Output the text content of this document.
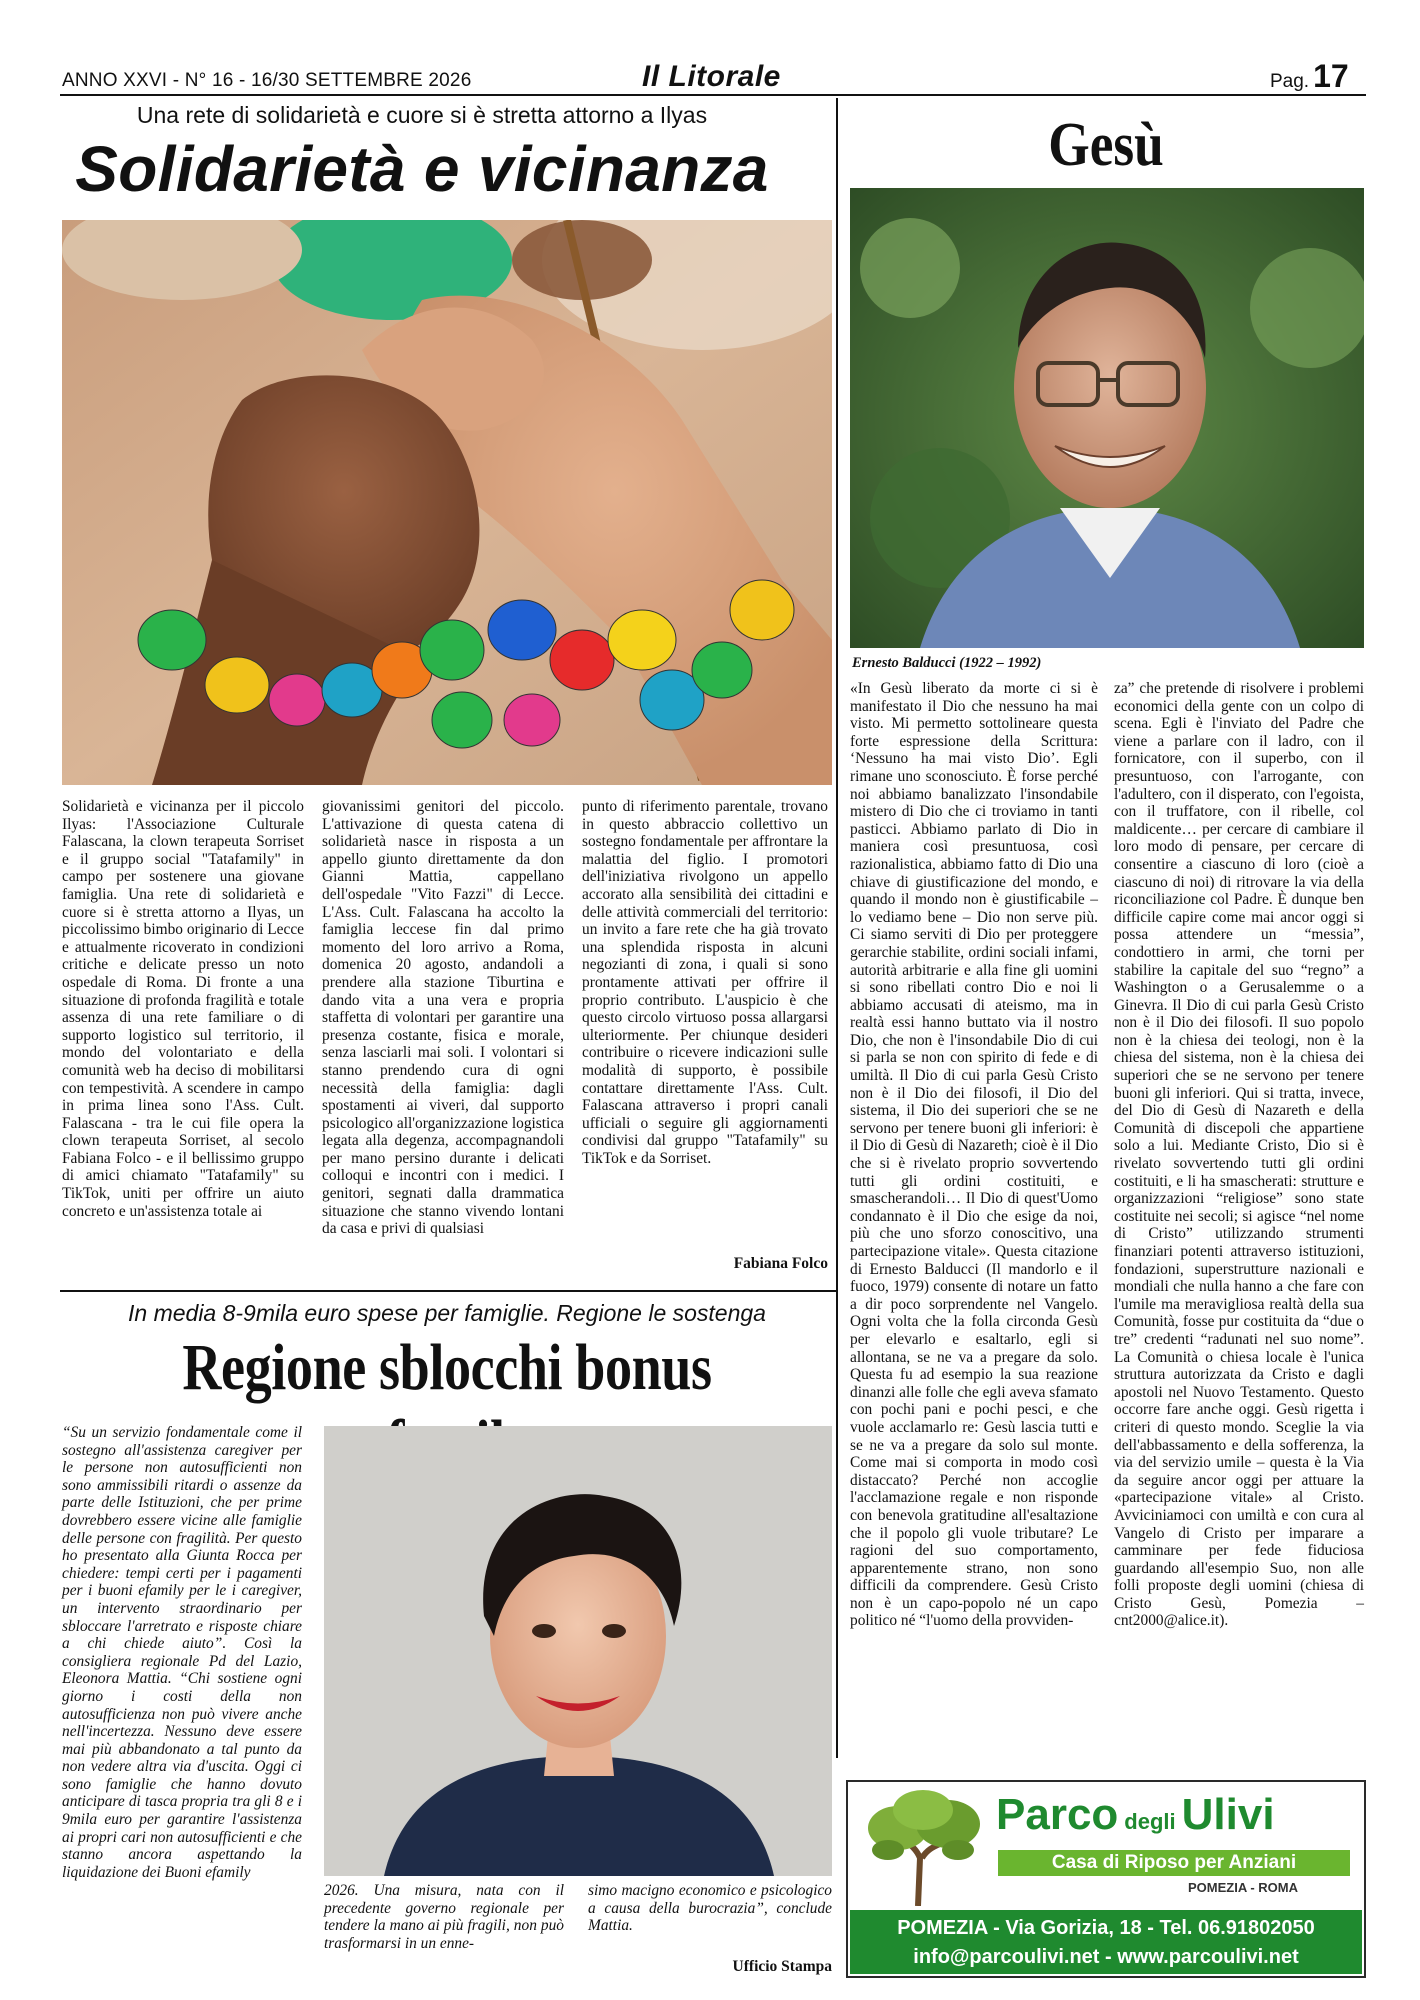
ANNO XXVI - N° 16 - 16/30 SETTEMBRE 2026	Il Litorale	Pag. 17
Una rete di solidarietà e cuore si è stretta attorno a Ilyas
Solidarietà e vicinanza
Solidarietà e vicinanza per il piccolo Ilyas: l'Associazione Culturale Falascana, la clown terapeuta Sorriset e il gruppo social "Tatafamily" in campo per sostenere una giovane famiglia. Una rete di solidarietà e cuore si è stretta attorno a Ilyas, un piccolissimo bimbo originario di Lecce e attualmente ricoverato in condizioni critiche e delicate presso un noto ospedale di Roma. Di fronte a una situazione di profonda fragilità e totale assenza di una rete familiare o di supporto logistico sul territorio, il mondo del volontariato e della comunità web ha deciso di mobilitarsi con tempestività. A scendere in campo in prima linea sono l'Ass. Cult. Falascana - tra le cui file opera la clown terapeuta Sorriset, al secolo Fabiana Folco - e il bellissimo gruppo di amici chiamato "Tatafamily" su TikTok, uniti per offrire un aiuto concreto e un'assistenza totale ai
giovanissimi genitori del piccolo. L'attivazione di questa catena di solidarietà nasce in risposta a un appello giunto direttamente da don Gianni Mattia, cappellano dell'ospedale "Vito Fazzi" di Lecce. L'Ass. Cult. Falascana ha accolto la famiglia leccese fin dal primo momento del loro arrivo a Roma, domenica 20 agosto, andandoli a prendere alla stazione Tiburtina e dando vita a una vera e propria staffetta di volontari per garantire una presenza costante, fisica e morale, senza lasciarli mai soli. I volontari si stanno prendendo cura di ogni necessità della famiglia: dagli spostamenti ai viveri, dal supporto psicologico all'organizzazione logistica legata alla degenza, accompagnandoli per mano persino durante i delicati colloqui e incontri con i medici. I genitori, segnati dalla drammatica situazione che stanno vivendo lontani da casa e privi di qualsiasi
punto di riferimento parentale, trovano in questo abbraccio collettivo un sostegno fondamentale per affrontare la malattia del figlio. I promotori dell'iniziativa rivolgono un appello accorato alla sensibilità dei cittadini e delle attività commerciali del territorio: un invito a fare rete che ha già trovato una splendida risposta in alcuni negozianti di zona, i quali si sono prontamente attivati per offrire il proprio contributo. L'auspicio è che questo circolo virtuoso possa allargarsi ulteriormente. Per chiunque desideri contribuire o ricevere indicazioni sulle modalità di supporto, è possibile contattare direttamente l'Ass. Cult. Falascana attraverso i propri canali ufficiali o seguire gli aggiornamenti condivisi dal gruppo "Tatafamily" su TikTok e da Sorriset.
Fabiana Folco
In media 8-9mila euro spese per famiglie. Regione le sostenga
Regione sblocchi bonus
“Su un servizio fondamentale come il sostegno all'assistenza caregiver per le persone non autosufficienti non sono ammissibili ritardi o assenze da parte delle Istituzioni, che per prime dovrebbero essere vicine alle famiglie delle persone con fragilità. Per questo ho presentato alla Giunta Rocca per chiedere: tempi certi per i pagamenti per i buoni efamily per le i caregiver, un intervento straordinario per sbloccare l'arretrato e risposte chiare a chi chiede aiuto”. Così la consigliera regionale Pd del Lazio, Eleonora Mattia. “Chi sostiene ogni giorno i costi della non autosufficienza non può vivere anche nell'incertezza. Nessuno deve essere mai più abbandonato a tal punto da non vedere altra via d'uscita. Oggi ci sono famiglie che hanno dovuto anticipare di tasca propria tra gli 8 e i 9mila euro per garantire l'assistenza ai propri cari non autosufficienti e che stanno ancora aspettando la liquidazione dei Buoni efamily
2026. Una misura, nata con il precedente governo regionale per tendere la mano ai più fragili, non può trasformarsi in un enne-
simo macigno economico e psicologico a causa della burocrazia”, conclude Mattia.
Ufficio Stampa
Gesù
Ernesto Balducci (1922 – 1992)
«In Gesù liberato da morte ci si è manifestato il Dio che nessuno ha mai visto. Mi permetto sottolineare questa forte espressione della Scrittura: ‘Nessuno ha mai visto Dio’. Egli rimane uno sconosciuto. È forse perché noi abbiamo banalizzato l'insondabile mistero di Dio che ci troviamo in tanti pasticci. Abbiamo parlato di Dio in maniera così presuntuosa, così razionalistica, abbiamo fatto di Dio una chiave di giustificazione del mondo, e quando il mondo non è giustificabile – lo vediamo bene – Dio non serve più. Ci siamo serviti di Dio per proteggere gerarchie stabilite, ordini sociali infami, autorità arbitrarie e alla fine gli uomini si sono ribellati contro Dio e noi li abbiamo accusati di ateismo, ma in realtà essi hanno buttato via il nostro Dio, che non è l'insondabile Dio di cui si parla se non con spirito di fede e di umiltà. Il Dio di cui parla Gesù Cristo non è il Dio dei filosofi, il Dio del sistema, il Dio dei superiori che se ne servono per tenere buoni gli inferiori: è il Dio di Gesù di Nazareth; cioè è il Dio che si è rivelato proprio sovvertendo tutti gli ordini costituiti, e smascherandoli… Il Dio di quest'Uomo condannato è il Dio che esige da noi, più che uno sforzo conoscitivo, una partecipazione vitale». Questa citazione di Ernesto Balducci (Il mandorlo e il fuoco, 1979) consente di notare un fatto a dir poco sorprendente nel Vangelo. Ogni volta che la folla circonda Gesù per elevarlo e esaltarlo, egli si allontana, se ne va a pregare da solo. Questa fu ad esempio la sua reazione dinanzi alle folle che egli aveva sfamato con pochi pani e pochi pesci, e che vuole acclamarlo re: Gesù lascia tutti e se ne va a pregare da solo sul monte. Come mai si comporta in modo così distaccato? Perché non accoglie l'acclamazione regale e non risponde con benevola gratitudine all'esaltazione che il popolo gli vuole tributare? Le ragioni del suo comportamento, apparentemente strano, non sono difficili da comprendere. Gesù Cristo non è un capo-popolo né un capo politico né “l'uomo della provviden-
za” che pretende di risolvere i problemi economici della gente con un colpo di scena. Egli è l'inviato del Padre che viene a parlare con il ladro, con il fornicatore, con il superbo, con il presuntuoso, con l'arrogante, con l'adultero, con il disperato, con l'egoista, con il truffatore, con il ribelle, col maldicente… per cercare di cambiare il loro modo di pensare, per cercare di consentire a ciascuno di loro (cioè a ciascuno di noi) di ritrovare la via della riconciliazione col Padre. È dunque ben difficile capire come mai ancor oggi si possa attendere un “messia”, condottiero in armi, che torni per stabilire la capitale del suo “regno” a Washington o a Gerusalemme o a Ginevra. Il Dio di cui parla Gesù Cristo non è il Dio dei filosofi. Il suo popolo non è la chiesa dei teologi, non è la chiesa del sistema, non è la chiesa dei superiori che se ne servono per tenere buoni gli inferiori. Qui si tratta, invece, del Dio di Gesù di Nazareth e della Comunità di discepoli che appartiene solo a lui. Mediante Cristo, Dio si è rivelato sovvertendo tutti gli ordini costituiti, e li ha smascherati: strutture e organizzazioni “religiose” sono state costituite nei secoli; si agisce “nel nome di Cristo” utilizzando strumenti finanziari potenti attraverso istituzioni, fondazioni, superstrutture nazionali e mondiali che nulla hanno a che fare con l'umile ma meravigliosa realtà della sua Comunità, fosse pur costituita da “due o tre” credenti “radunati nel suo nome”. La Comunità o chiesa locale è l'unica struttura autorizzata da Cristo e dagli apostoli nel Nuovo Testamento. Questo occorre fare anche oggi. Gesù rigetta i criteri di questo mondo. Sceglie la via dell'abbassamento e della sofferenza, la via del servizio umile – questa è la Via da seguire ancor oggi per attuare la «partecipazione vitale» al Cristo. Avviciniamoci con umiltà e con cura al Vangelo di Cristo per imparare a camminare per fede fiduciosa guardando all'esempio Suo, non alle folli proposte degli uomini (chiesa di Cristo Gesù, Pomezia – cnt2000@alice.it).
Parco degli Ulivi
Casa di Riposo per Anziani
POMEZIA - ROMA
POMEZIA - Via Gorizia, 18 - Tel. 06.91802050
info@parcoulivi.net - www.parcoulivi.net
